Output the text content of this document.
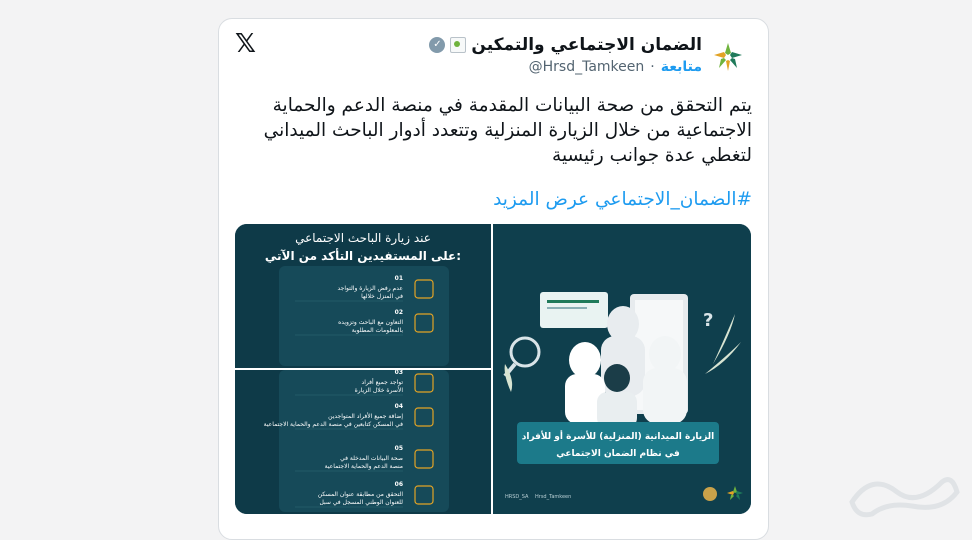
𝕏	الضمان الاجتماعي والتمكين
✓
متابعة
·
@Hrsd_Tamkeen
يتم التحقق من صحة البيانات المقدمة في منصة الدعم والحماية الاجتماعية من خلال الزيارة المنزلية وتتعدد أدوار الباحث الميداني لتغطي عدة جوانب رئيسية
#الضمان_الاجتماعي عرض المزيد
عند زيارة الباحث الاجتماعي
على المستفيدين التأكد من الآتي:
01
عدم رفض الزيارة والتواجد
في المنزل خلالها
02
التعاون مع الباحث وتزويده
بالمعلومات المطلوبة
03
تواجد جميع أفراد
الأسرة خلال الزيارة
04
إضافة جميع الأفراد المتواجدين
في المسكن كتابعين في منصة الدعم والحماية الاجتماعية
05
صحة البيانات المدخلة في
منصة الدعم والحماية الاجتماعية
06
التحقق من مطابقة عنوان المسكن
للعنوان الوطني المسجل في سبل
?
الزيارة الميدانية (المنزلية) للأسرة أو للأفراد
في نظام الضمان الاجتماعي
HRSD_SA Hrsd_Tamkeen
